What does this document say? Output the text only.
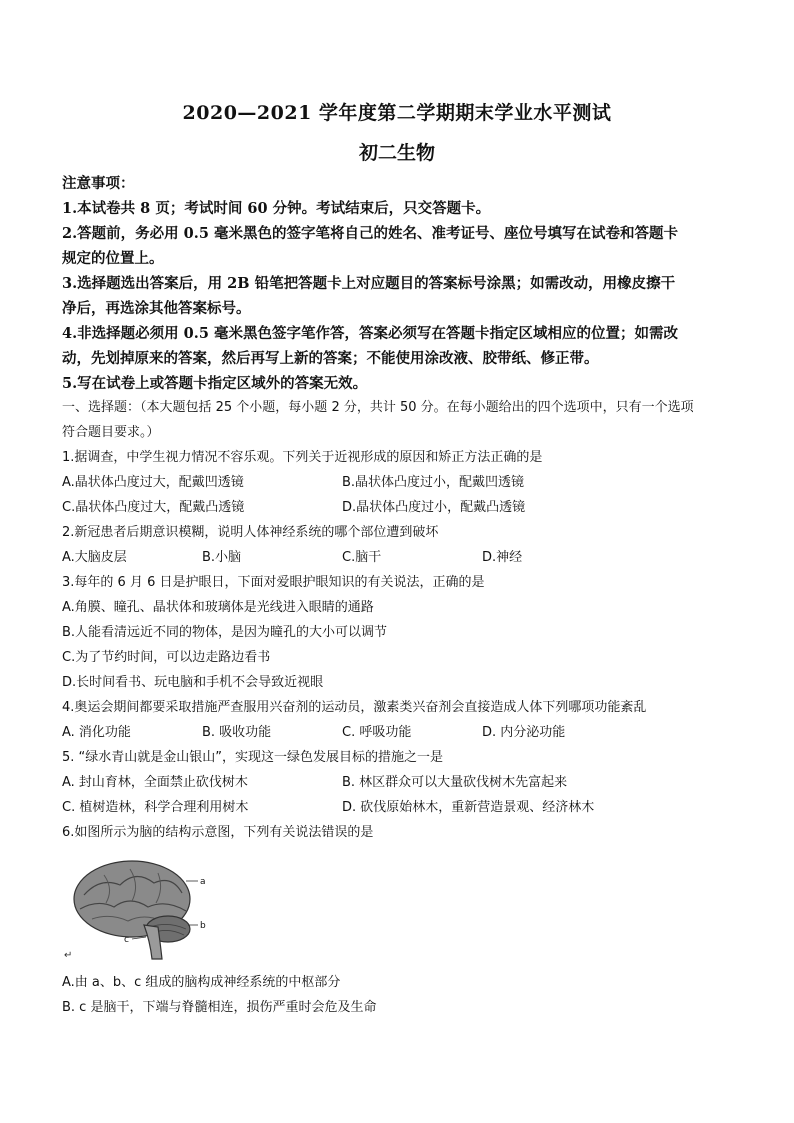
2020—2021 学年度第二学期期末学业水平测试
初二生物
注意事项：
1.本试卷共 8 页；考试时间 60 分钟。考试结束后，只交答题卡。
2.答题前，务必用 0.5 毫米黑色的签字笔将自己的姓名、准考证号、座位号填写在试卷和答题卡
规定的位置上。
3.选择题选出答案后，用 2B 铅笔把答题卡上对应题目的答案标号涂黑；如需改动，用橡皮擦干
净后，再选涂其他答案标号。
4.非选择题必须用 0.5 毫米黑色签字笔作答，答案必须写在答题卡指定区域相应的位置；如需改
动，先划掉原来的答案，然后再写上新的答案；不能使用涂改液、胶带纸、修正带。
5.写在试卷上或答题卡指定区域外的答案无效。
一、选择题：（本大题包括 25 个小题，每小题 2 分，共计 50 分。在每小题给出的四个选项中，只有一个选项
符合题目要求。）
1.据调查，中学生视力情况不容乐观。下列关于近视形成的原因和矫正方法正确的是
A.晶状体凸度过大，配戴凹透镜	B.晶状体凸度过小，配戴凹透镜
C.晶状体凸度过大，配戴凸透镜	D.晶状体凸度过小，配戴凸透镜
2.新冠患者后期意识模糊，说明人体神经系统的哪个部位遭到破坏
A.大脑皮层	B.小脑	C.脑干	D.神经
3.每年的 6 月 6 日是护眼日，下面对爱眼护眼知识的有关说法，正确的是
A.角膜、瞳孔、晶状体和玻璃体是光线进入眼睛的通路
B.人能看清远近不同的物体，是因为瞳孔的大小可以调节
C.为了节约时间，可以边走路边看书
D.长时间看书、玩电脑和手机不会导致近视眼
4.奥运会期间都要采取措施严查服用兴奋剂的运动员，激素类兴奋剂会直接造成人体下列哪项功能紊乱
A. 消化功能	B. 吸收功能	C. 呼吸功能	D. 内分泌功能
5. “绿水青山就是金山银山”，实现这一绿色发展目标的措施之一是
A. 封山育林，全面禁止砍伐树木	B. 林区群众可以大量砍伐树木先富起来
C. 植树造林，科学合理利用树木	D. 砍伐原始林木，重新营造景观、经济林木
6.如图所示为脑的结构示意图，下列有关说法错误的是
a
b
c
↵
A.由 a、b、c 组成的脑构成神经系统的中枢部分
B. c 是脑干，下端与脊髓相连，损伤严重时会危及生命
